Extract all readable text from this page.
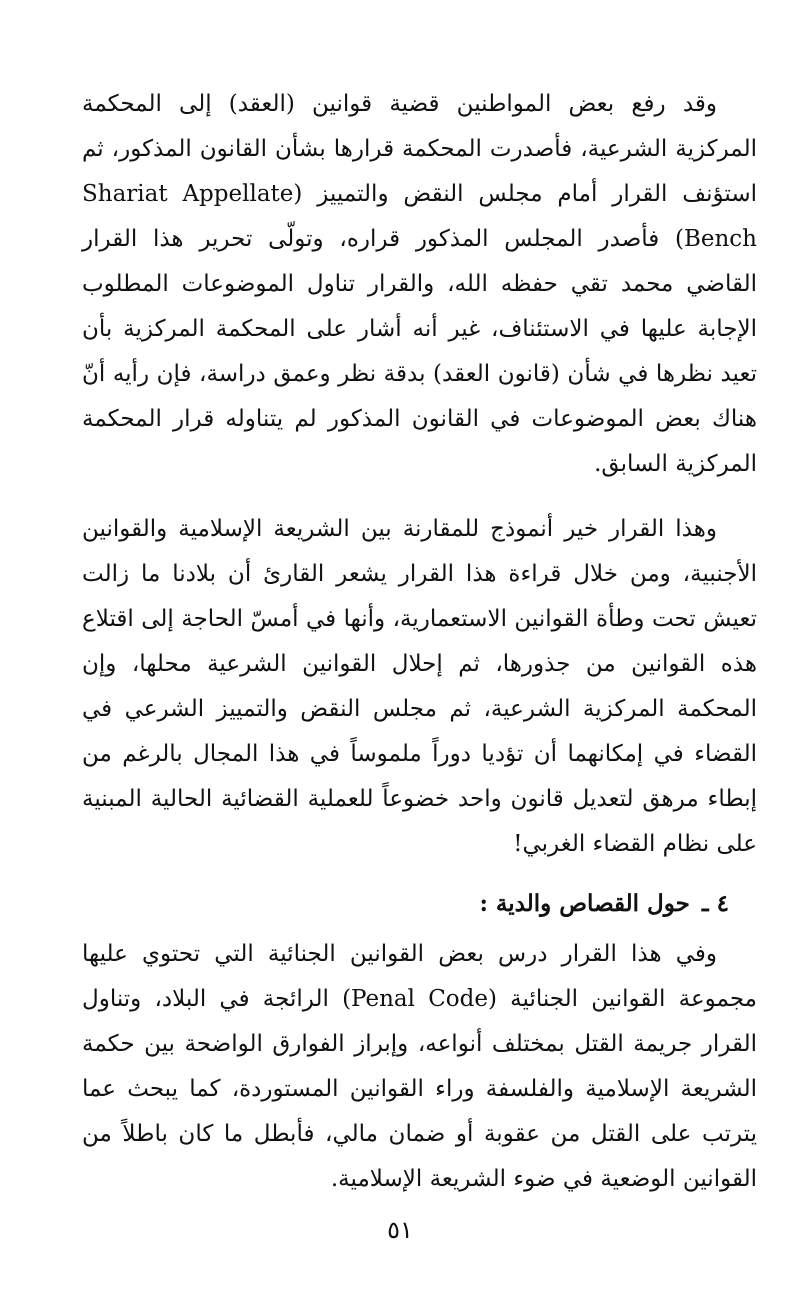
وقد رفع بعض المواطنين قضية قوانين (العقد) إلى المحكمة المركزية الشرعية، فأصدرت المحكمة قرارها بشأن القانون المذكور، ثم استؤنف القرار أمام مجلس النقض والتمييز (Shariat Appellate Bench) فأصدر المجلس المذكور قراره، وتولّى تحرير هذا القرار القاضي محمد تقي حفظه الله، والقرار تناول الموضوعات المطلوب الإجابة عليها في الاستئناف، غير أنه أشار على المحكمة المركزية بأن تعيد نظرها في شأن (قانون العقد) بدقة نظر وعمق دراسة، فإن رأيه أنّ هناك بعض الموضوعات في القانون المذكور لم يتناوله قرار المحكمة المركزية السابق.

وهذا القرار خير أنموذج للمقارنة بين الشريعة الإسلامية والقوانين الأجنبية، ومن خلال قراءة هذا القرار يشعر القارئ أن بلادنا ما زالت تعيش تحت وطأة القوانين الاستعمارية، وأنها في أمسّ الحاجة إلى اقتلاع هذه القوانين من جذورها، ثم إحلال القوانين الشرعية محلها، وإن المحكمة المركزية الشرعية، ثم مجلس النقض والتمييز الشرعي في القضاء في إمكانهما أن تؤديا دوراً ملموساً في هذا المجال بالرغم من إبطاء مرهق لتعديل قانون واحد خضوعاً للعملية القضائية الحالية المبنية على نظام القضاء الغربي!

٤ ـ حول القصاص والدية :

وفي هذا القرار درس بعض القوانين الجنائية التي تحتوي عليها مجموعة القوانين الجنائية (Penal Code) الرائجة في البلاد، وتناول القرار جريمة القتل بمختلف أنواعه، وإبراز الفوارق الواضحة بين حكمة الشريعة الإسلامية والفلسفة وراء القوانين المستوردة، كما يبحث عما يترتب على القتل من عقوبة أو ضمان مالي، فأبطل ما كان باطلاً من القوانين الوضعية في ضوء الشريعة الإسلامية.

٥١
